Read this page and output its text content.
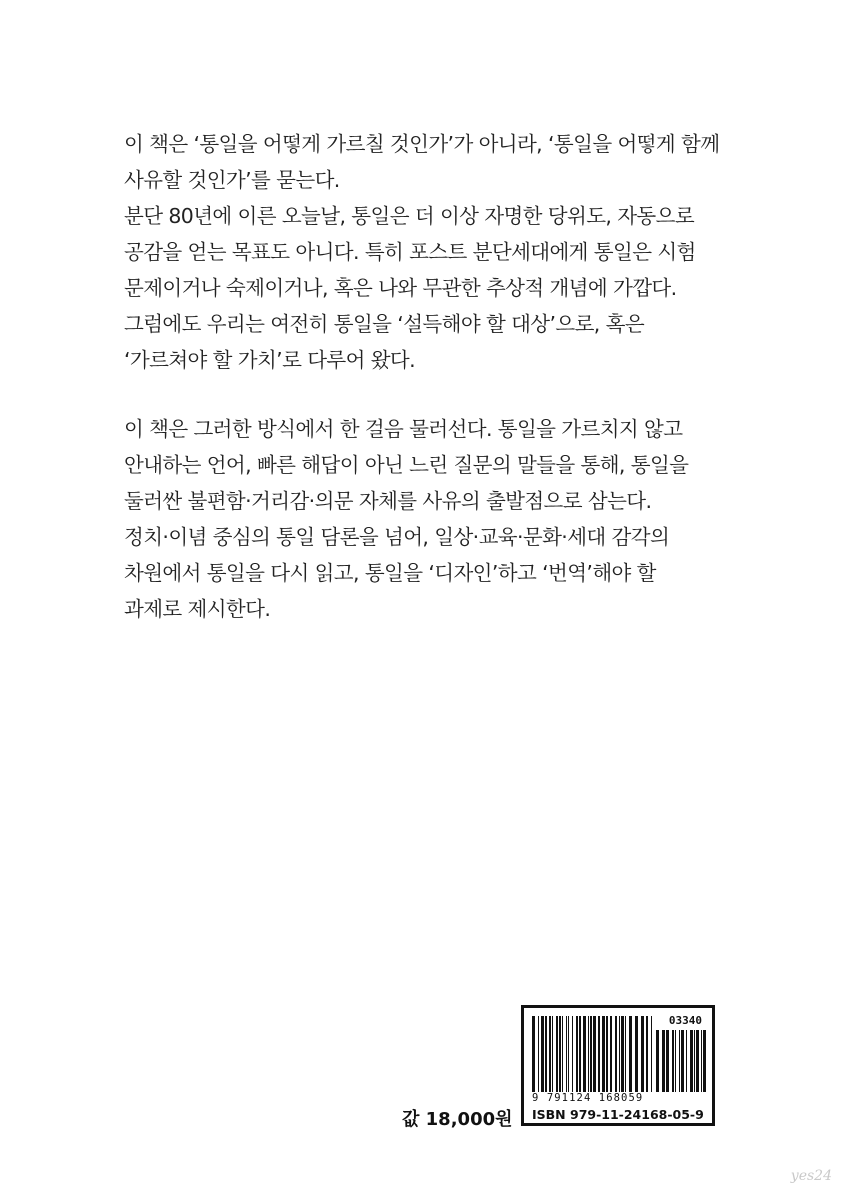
이 책은 ‘통일을 어떻게 가르칠 것인가’가 아니라, ‘통일을 어떻게 함께
사유할 것인가’를 묻는다.
분단 80년에 이른 오늘날, 통일은 더 이상 자명한 당위도, 자동으로
공감을 얻는 목표도 아니다. 특히 포스트 분단세대에게 통일은 시험
문제이거나 숙제이거나, 혹은 나와 무관한 추상적 개념에 가깝다.
그럼에도 우리는 여전히 통일을 ‘설득해야 할 대상’으로, 혹은
‘가르쳐야 할 가치’로 다루어 왔다.
이 책은 그러한 방식에서 한 걸음 물러선다. 통일을 가르치지 않고
안내하는 언어, 빠른 해답이 아닌 느린 질문의 말들을 통해, 통일을
둘러싼 불편함·거리감·의문 자체를 사유의 출발점으로 삼는다.
정치·이념 중심의 통일 담론을 넘어, 일상·교육·문화·세대 감각의
차원에서 통일을 다시 읽고, 통일을 ‘디자인’하고 ‘번역’해야 할
과제로 제시한다.
값 18,000원
03340
9 791124 168059
ISBN 979-11-24168-05-9
yes24
